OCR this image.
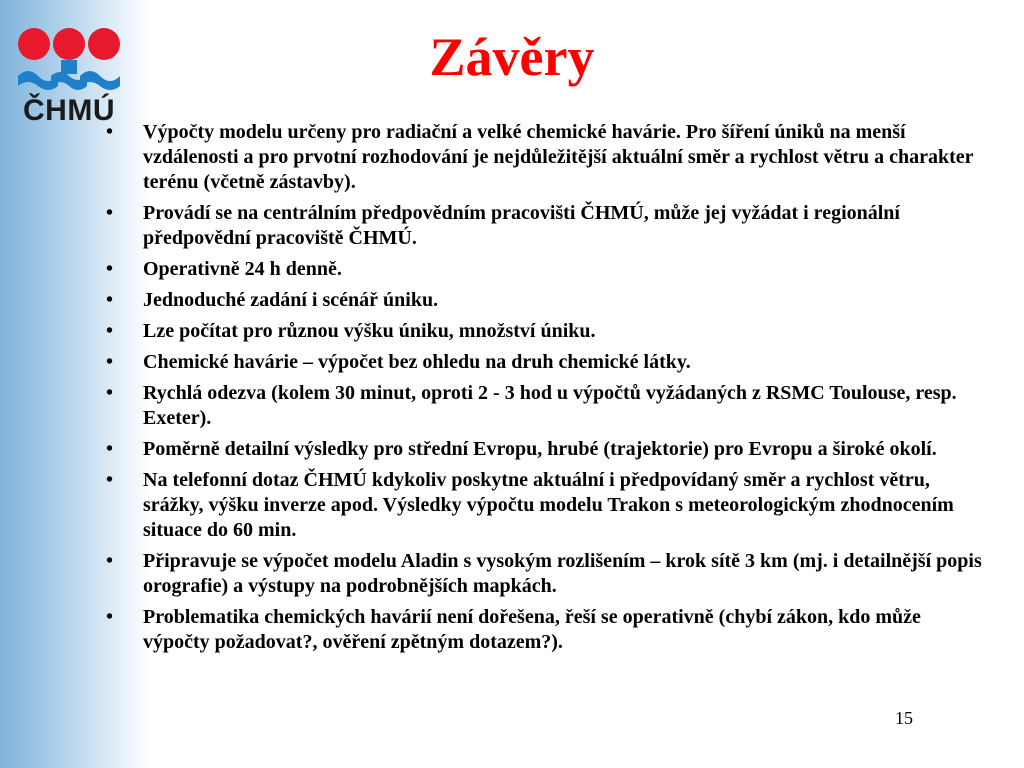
ČHMÚ
Závěry
• Výpočty modelu určeny pro radiační a velké chemické havárie. Pro šíření úniků na menší vzdálenosti a pro prvotní rozhodování je nejdůležitější aktuální směr a rychlost větru a charakter terénu (včetně zástavby).
• Provádí se na centrálním předpovědním pracovišti ČHMÚ, může jej vyžádat i regionální předpovědní pracoviště ČHMÚ.
• Operativně 24 h denně.
• Jednoduché zadání i scénář úniku.
• Lze počítat pro různou výšku úniku, množství úniku.
• Chemické havárie – výpočet bez ohledu na druh chemické látky.
• Rychlá odezva (kolem 30 minut, oproti 2 - 3 hod u výpočtů vyžádaných z RSMC Toulouse, resp. Exeter).
• Poměrně detailní výsledky pro střední Evropu, hrubé (trajektorie) pro Evropu a široké okolí.
• Na telefonní dotaz ČHMÚ kdykoliv poskytne aktuální i předpovídaný směr a rychlost větru, srážky, výšku inverze apod. Výsledky výpočtu modelu Trakon s meteorologickým zhodnocením situace do 60 min.
• Připravuje se výpočet modelu Aladin s vysokým rozlišením – krok sítě 3 km (mj. i detailnější popis orografie) a výstupy na podrobnějších mapkách.
• Problematika chemických havárií není dořešena, řeší se operativně (chybí zákon, kdo může výpočty požadovat?, ověření zpětným dotazem?).
15
